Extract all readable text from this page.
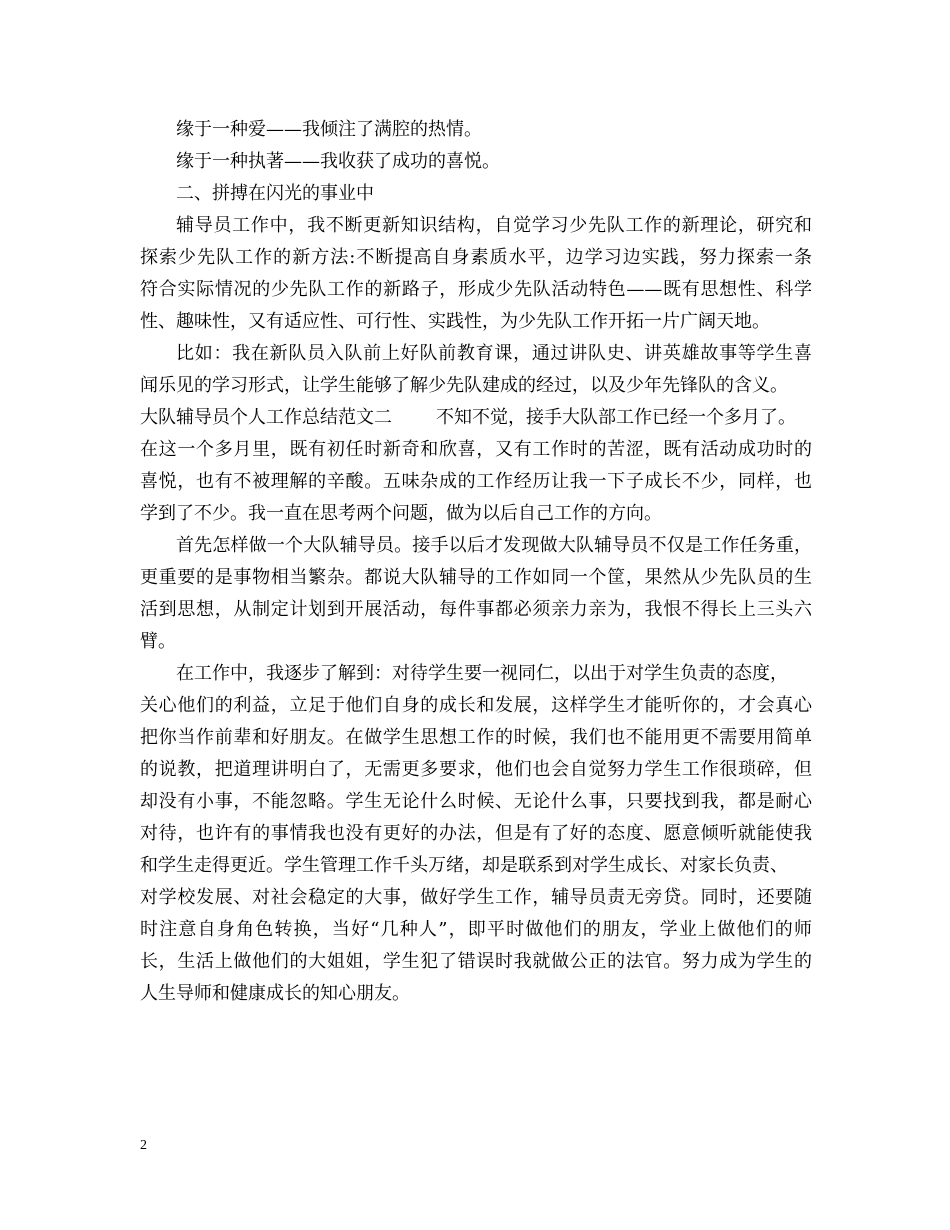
缘于一种爱——我倾注了满腔的热情。
缘于一种执著——我收获了成功的喜悦。
二、拼搏在闪光的事业中
辅导员工作中，我不断更新知识结构，自觉学习少先队工作的新理论，研究和
探索少先队工作的新方法:不断提高自身素质水平，边学习边实践，努力探索一条
符合实际情况的少先队工作的新路子，形成少先队活动特色——既有思想性、科学
性、趣味性，又有适应性、可行性、实践性，为少先队工作开拓一片广阔天地。
比如：我在新队员入队前上好队前教育课，通过讲队史、讲英雄故事等学生喜
闻乐见的学习形式，让学生能够了解少先队建成的经过，以及少年先锋队的含义。
大队辅导员个人工作总结范文二 不知不觉，接手大队部工作已经一个多月了。
在这一个多月里，既有初任时新奇和欣喜，又有工作时的苦涩，既有活动成功时的
喜悦，也有不被理解的辛酸。五味杂成的工作经历让我一下子成长不少，同样，也
学到了不少。我一直在思考两个问题，做为以后自己工作的方向。
首先怎样做一个大队辅导员。接手以后才发现做大队辅导员不仅是工作任务重，
更重要的是事物相当繁杂。都说大队辅导的工作如同一个筐，果然从少先队员的生
活到思想，从制定计划到开展活动，每件事都必须亲力亲为，我恨不得长上三头六
臂。
在工作中，我逐步了解到：对待学生要一视同仁，以出于对学生负责的态度，
关心他们的利益，立足于他们自身的成长和发展，这样学生才能听你的，才会真心
把你当作前辈和好朋友。在做学生思想工作的时候，我们也不能用更不需要用简单
的说教，把道理讲明白了，无需更多要求，他们也会自觉努力学生工作很琐碎，但
却没有小事，不能忽略。学生无论什么时候、无论什么事，只要找到我，都是耐心
对待，也许有的事情我也没有更好的办法，但是有了好的态度、愿意倾听就能使我
和学生走得更近。学生管理工作千头万绪，却是联系到对学生成长、对家长负责、
对学校发展、对社会稳定的大事，做好学生工作，辅导员责无旁贷。同时，还要随
时注意自身角色转换，当好“几种人”，即平时做他们的朋友，学业上做他们的师
长，生活上做他们的大姐姐，学生犯了错误时我就做公正的法官。努力成为学生的
人生导师和健康成长的知心朋友。
2
